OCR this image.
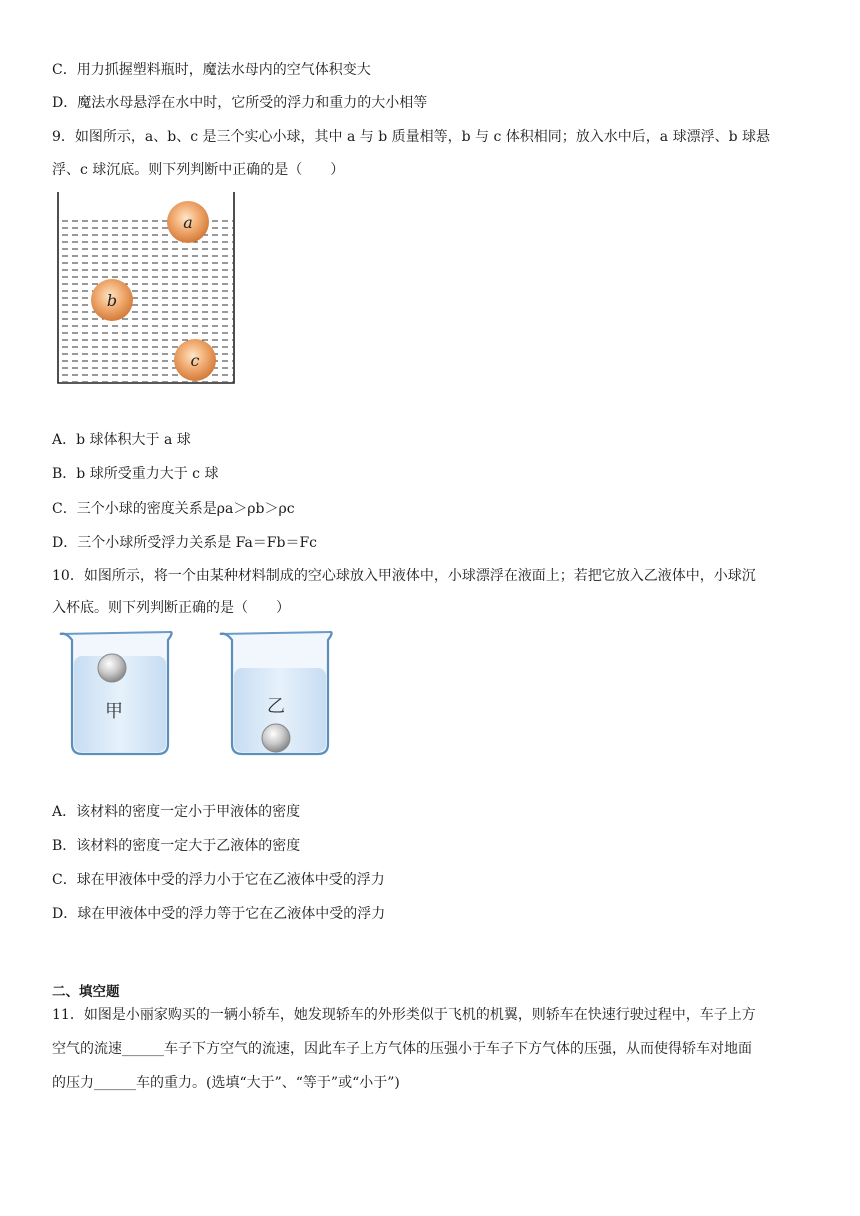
C．用力抓握塑料瓶时，魔法水母内的空气体积变大
D．魔法水母悬浮在水中时，它所受的浮力和重力的大小相等
9．如图所示，a、b、c 是三个实心小球，其中 a 与 b 质量相等，b 与 c 体积相同；放入水中后，a 球漂浮、b 球悬
浮、c 球沉底。则下列判断中正确的是（　　）
a
b
c
A．b 球体积大于 a 球
B．b 球所受重力大于 c 球
C．三个小球的密度关系是ρa＞ρb＞ρc
D．三个小球所受浮力关系是 Fa＝Fb＝Fc
10．如图所示，将一个由某种材料制成的空心球放入甲液体中，小球漂浮在液面上；若把它放入乙液体中，小球沉
入杯底。则下列判断正确的是（　　）
甲	乙
A．该材料的密度一定小于甲液体的密度
B．该材料的密度一定大于乙液体的密度
C．球在甲液体中受的浮力小于它在乙液体中受的浮力
D．球在甲液体中受的浮力等于它在乙液体中受的浮力
二、填空题
11．如图是小丽家购买的一辆小轿车，她发现轿车的外形类似于飞机的机翼，则轿车在快速行驶过程中，车子上方
空气的流速______车子下方空气的流速，因此车子上方气体的压强小于车子下方气体的压强，从而使得轿车对地面
的压力______车的重力。(选填“大于”、“等于”或“小于”)
